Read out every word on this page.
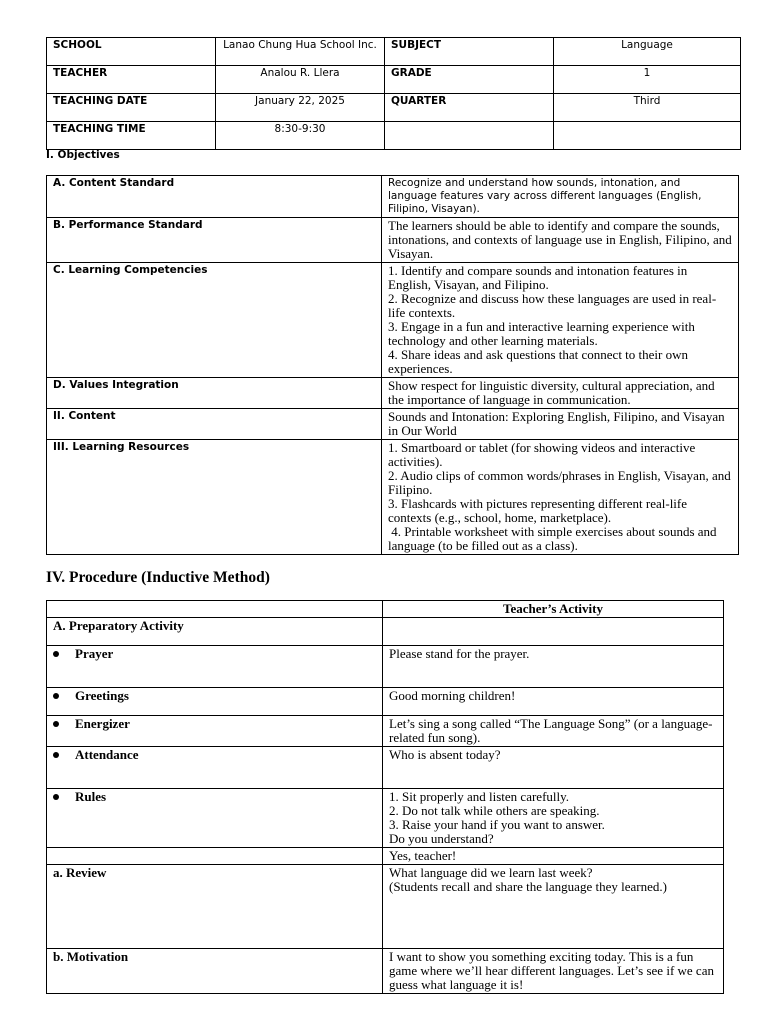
SCHOOL	Lanao Chung Hua School Inc.	SUBJECT	Language
TEACHER	Analou R. Llera	GRADE	1
TEACHING DATE	January 22, 2025	QUARTER	Third
TEACHING TIME	8:30-9:30		
I. Objectives
A. Content Standard	Recognize and understand how sounds, intonation, and language features vary across different languages (English, Filipino, Visayan).

B. Performance Standard	The learners should be able to identify and compare the sounds, intonations, and contexts of language use in English, Filipino, and Visayan.

C. Learning Competencies	1. Identify and compare sounds and intonation features in English, Visayan, and Filipino.
2. Recognize and discuss how these languages are used in real-life contexts.
3. Engage in a fun and interactive learning experience with technology and other learning materials.
4. Share ideas and ask questions that connect to their own experiences.

D. Values Integration	Show respect for linguistic diversity, cultural appreciation, and the importance of language in communication.

II. Content	Sounds and Intonation: Exploring English, Filipino, and Visayan in Our World

III. Learning Resources	1. Smartboard or tablet (for showing videos and interactive activities).
2. Audio clips of common words/phrases in English, Visayan, and Filipino.
3. Flashcards with pictures representing different real-life contexts (e.g., school, home, marketplace).
4. Printable worksheet with simple exercises about sounds and language (to be filled out as a class).
IV. Procedure (Inductive Method)
	Teacher’s Activity
A. Preparatory Activity	
Prayer	Please stand for the prayer.
Greetings	Good morning children!
Energizer	Let’s sing a song called “The Language Song” (or a language-related fun song).
Attendance	Who is absent today?
Rules	1. Sit properly and listen carefully.
2. Do not talk while others are speaking.
3. Raise your hand if you want to answer.
Do you understand?

	Yes, teacher!
a. Review	What language did we learn last week?
(Students recall and share the language they learned.)

b. Motivation	I want to show you something exciting today. This is a fun game where we’ll hear different languages. Let’s see if we can guess what language it is!
